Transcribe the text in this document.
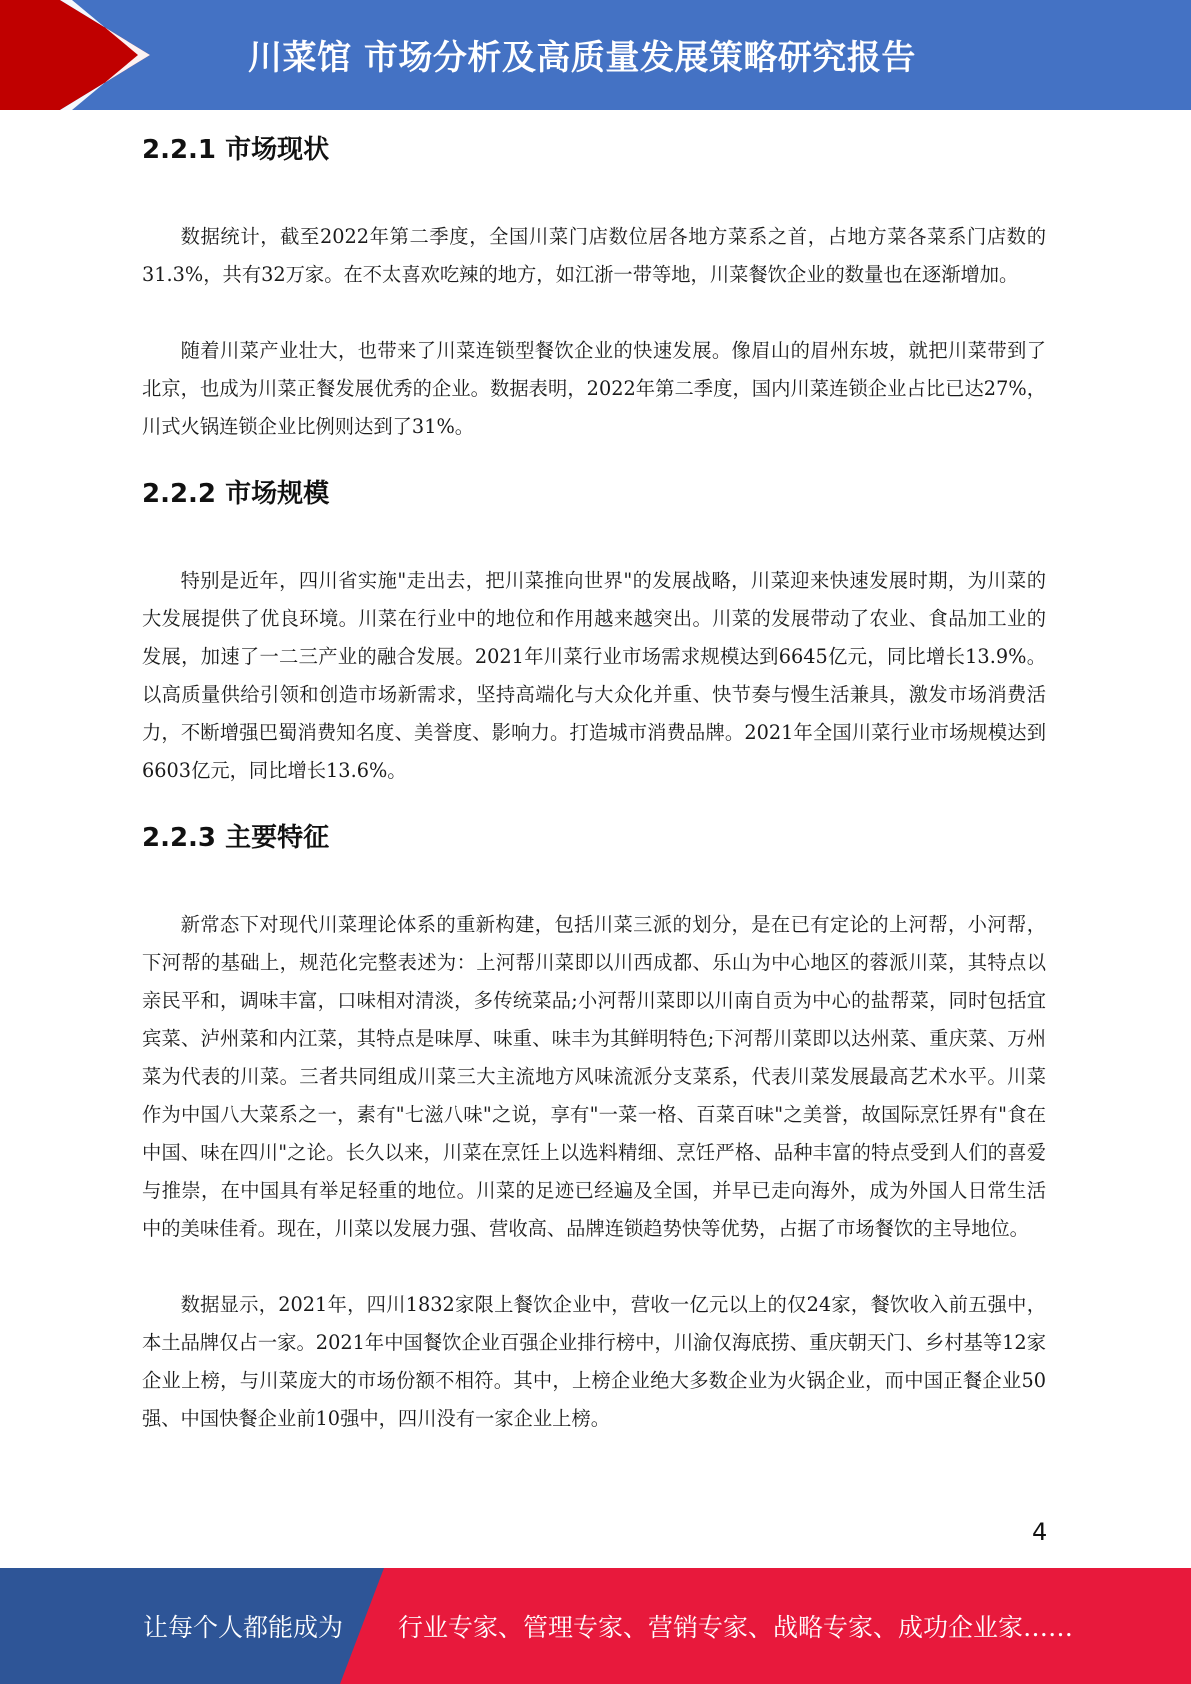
川菜馆 市场分析及高质量发展策略研究报告
2.2.1 市场现状

数据统计，截至2022年第二季度，全国川菜门店数位居各地方菜系之首，占地方菜各菜系门店数的31.3%，共有32万家。在不太喜欢吃辣的地方，如江浙一带等地，川菜餐饮企业的数量也在逐渐增加。

随着川菜产业壮大，也带来了川菜连锁型餐饮企业的快速发展。像眉山的眉州东坡，就把川菜带到了北京，也成为川菜正餐发展优秀的企业。数据表明，2022年第二季度，国内川菜连锁企业占比已达27%，川式火锅连锁企业比例则达到了31%。

2.2.2 市场规模

特别是近年，四川省实施"走出去，把川菜推向世界"的发展战略，川菜迎来快速发展时期，为川菜的大发展提供了优良环境。川菜在行业中的地位和作用越来越突出。川菜的发展带动了农业、食品加工业的发展，加速了一二三产业的融合发展。2021年川菜行业市场需求规模达到6645亿元，同比增长13.9%。以高质量供给引领和创造市场新需求，坚持高端化与大众化并重、快节奏与慢生活兼具，激发市场消费活力，不断增强巴蜀消费知名度、美誉度、影响力。打造城市消费品牌。2021年全国川菜行业市场规模达到6603亿元，同比增长13.6%。

2.2.3 主要特征

新常态下对现代川菜理论体系的重新构建，包括川菜三派的划分，是在已有定论的上河帮，小河帮，下河帮的基础上，规范化完整表述为：上河帮川菜即以川西成都、乐山为中心地区的蓉派川菜，其特点以亲民平和，调味丰富，口味相对清淡，多传统菜品;小河帮川菜即以川南自贡为中心的盐帮菜，同时包括宜宾菜、泸州菜和内江菜，其特点是味厚、味重、味丰为其鲜明特色;下河帮川菜即以达州菜、重庆菜、万州菜为代表的川菜。三者共同组成川菜三大主流地方风味流派分支菜系，代表川菜发展最高艺术水平。川菜作为中国八大菜系之一，素有"七滋八味"之说，享有"一菜一格、百菜百味"之美誉，故国际烹饪界有"食在中国、味在四川"之论。长久以来，川菜在烹饪上以选料精细、烹饪严格、品种丰富的特点受到人们的喜爱与推崇，在中国具有举足轻重的地位。川菜的足迹已经遍及全国，并早已走向海外，成为外国人日常生活中的美味佳肴。现在，川菜以发展力强、营收高、品牌连锁趋势快等优势，占据了市场餐饮的主导地位。

数据显示，2021年，四川1832家限上餐饮企业中，营收一亿元以上的仅24家，餐饮收入前五强中，本土品牌仅占一家。2021年中国餐饮企业百强企业排行榜中，川渝仅海底捞、重庆朝天门、乡村基等12家企业上榜，与川菜庞大的市场份额不相符。其中，上榜企业绝大多数企业为火锅企业，而中国正餐企业50强、中国快餐企业前10强中，四川没有一家企业上榜。

4
让每个人都能成为 行业专家、管理专家、营销专家、战略专家、成功企业家……
